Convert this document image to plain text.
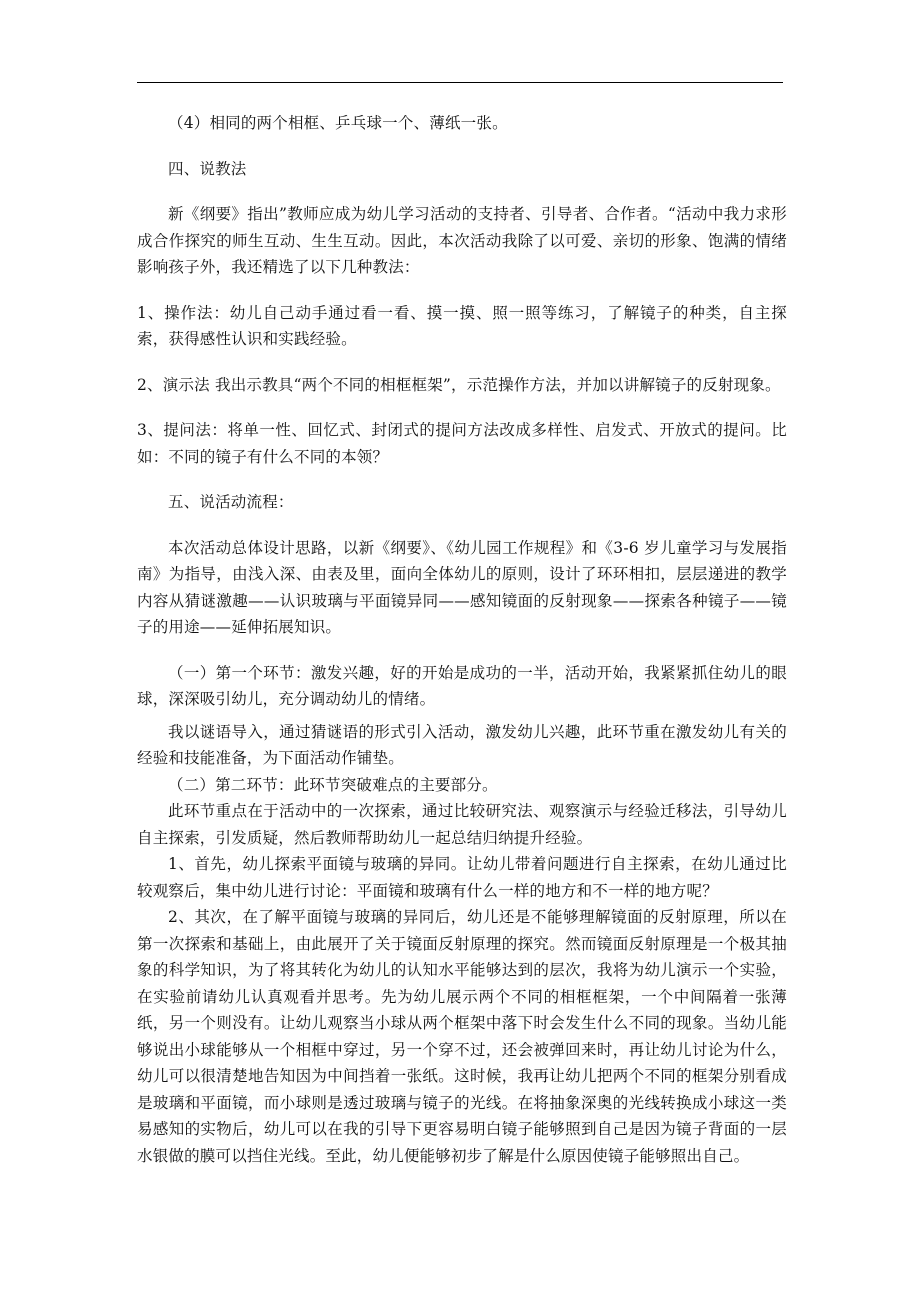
（4）相同的两个相框、乒乓球一个、薄纸一张。

四、说教法

新《纲要》指出”教师应成为幼儿学习活动的支持者、引导者、合作者。“活动中我力求形成合作探究的师生互动、生生互动。因此，本次活动我除了以可爱、亲切的形象、饱满的情绪影响孩子外，我还精选了以下几种教法：

1、操作法：幼儿自己动手通过看一看、摸一摸、照一照等练习，了解镜子的种类，自主探索，获得感性认识和实践经验。

2、演示法 我出示教具“两个不同的相框框架”，示范操作方法，并加以讲解镜子的反射现象。

3、提问法：将单一性、回忆式、封闭式的提问方法改成多样性、启发式、开放式的提问。比如：不同的镜子有什么不同的本领？

五、说活动流程：

本次活动总体设计思路，以新《纲要》、《幼儿园工作规程》和《3-6 岁儿童学习与发展指南》为指导，由浅入深、由表及里，面向全体幼儿的原则，设计了环环相扣，层层递进的教学内容从猜谜激趣——认识玻璃与平面镜异同——感知镜面的反射现象——探索各种镜子——镜子的用途——延伸拓展知识。

（一）第一个环节：激发兴趣，好的开始是成功的一半，活动开始，我紧紧抓住幼儿的眼球，深深吸引幼儿，充分调动幼儿的情绪。

我以谜语导入，通过猜谜语的形式引入活动，激发幼儿兴趣，此环节重在激发幼儿有关的经验和技能准备，为下面活动作铺垫。

（二）第二环节：此环节突破难点的主要部分。

此环节重点在于活动中的一次探索，通过比较研究法、观察演示与经验迁移法，引导幼儿自主探索，引发质疑，然后教师帮助幼儿一起总结归纳提升经验。

1、首先，幼儿探索平面镜与玻璃的异同。让幼儿带着问题进行自主探索，在幼儿通过比较观察后，集中幼儿进行讨论：平面镜和玻璃有什么一样的地方和不一样的地方呢？

2、其次，在了解平面镜与玻璃的异同后，幼儿还是不能够理解镜面的反射原理，所以在第一次探索和基础上，由此展开了关于镜面反射原理的探究。然而镜面反射原理是一个极其抽象的科学知识，为了将其转化为幼儿的认知水平能够达到的层次，我将为幼儿演示一个实验，在实验前请幼儿认真观看并思考。先为幼儿展示两个不同的相框框架，一个中间隔着一张薄纸，另一个则没有。让幼儿观察当小球从两个框架中落下时会发生什么不同的现象。当幼儿能够说出小球能够从一个相框中穿过，另一个穿不过，还会被弹回来时，再让幼儿讨论为什么，幼儿可以很清楚地告知因为中间挡着一张纸。这时候，我再让幼儿把两个不同的框架分别看成是玻璃和平面镜，而小球则是透过玻璃与镜子的光线。在将抽象深奥的光线转换成小球这一类易感知的实物后，幼儿可以在我的引导下更容易明白镜子能够照到自己是因为镜子背面的一层水银做的膜可以挡住光线。至此，幼儿便能够初步了解是什么原因使镜子能够照出自己。
